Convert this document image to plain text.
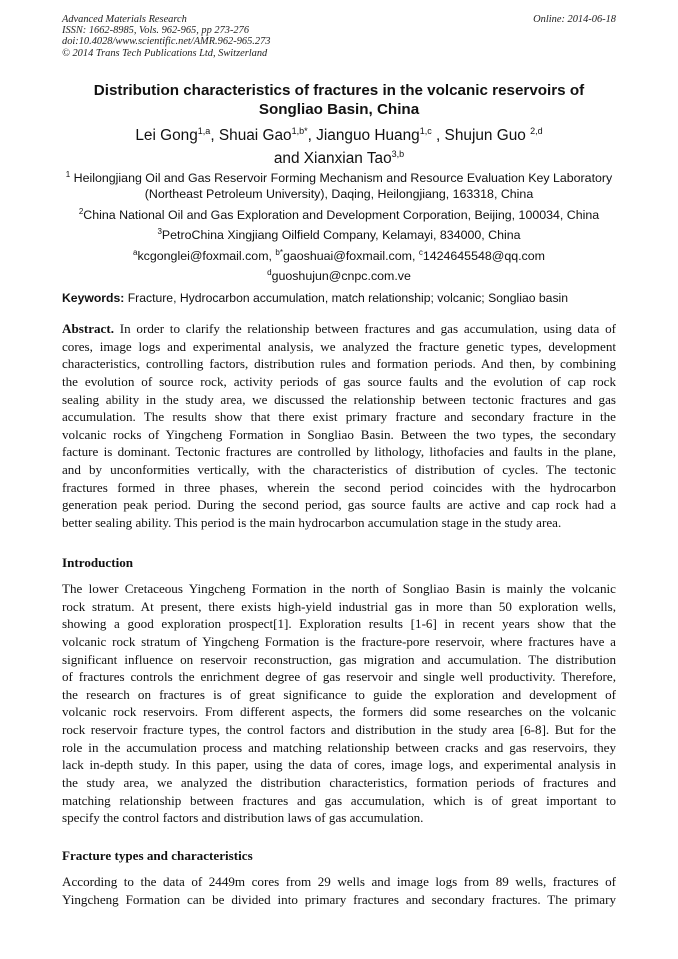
Advanced Materials Research
ISSN: 1662-8985, Vols. 962-965, pp 273-276
doi:10.4028/www.scientific.net/AMR.962-965.273
© 2014 Trans Tech Publications Ltd, Switzerland
Online: 2014-06-18
Distribution characteristics of fractures in the volcanic reservoirs of
Songliao Basin, China
Lei Gong$^{1,a}$, Shuai Gao$^{1,b*}$, Jianguo Huang$^{1,c}$ , Shujun Guo $^{2,d}$
and Xianxian Tao$^{3,b}$
$^1$ Heilongjiang Oil and Gas Reservoir Forming Mechanism and Resource Evaluation Key Laboratory
(Northeast Petroleum University), Daqing, Heilongjiang, 163318, China
$^2$China National Oil and Gas Exploration and Development Corporation, Beijing, 100034, China
$^3$PetroChina Xingjiang Oilfield Company, Kelamayi, 834000, China
$^a$kcgonglei@foxmail.com, $^{b*}$gaoshuai@foxmail.com, $^c$1424645548@qq.com
$^d$guoshujun@cnpc.com.ve
Keywords: Fracture, Hydrocarbon accumulation, match relationship; volcanic; Songliao basin
Abstract. In order to clarify the relationship between fractures and gas accumulation, using data of
cores, image logs and experimental analysis, we analyzed the fracture genetic types, development
characteristics, controlling factors, distribution rules and formation periods. And then, by combining
the evolution of source rock, activity periods of gas source faults and the evolution of cap rock
sealing ability in the study area, we discussed the relationship between tectonic fractures and gas
accumulation. The results show that there exist primary fracture and secondary fracture in the
volcanic rocks of Yingcheng Formation in Songliao Basin. Between the two types, the secondary
facture is dominant. Tectonic fractures are controlled by lithology, lithofacies and faults in the plane,
and by unconformities vertically, with the characteristics of distribution of cycles. The tectonic
fractures formed in three phases, wherein the second period coincides with the hydrocarbon
generation peak period. During the second period, gas source faults are active and cap rock had a
better sealing ability. This period is the main hydrocarbon accumulation stage in the study area.
Introduction
The lower Cretaceous Yingcheng Formation in the north of Songliao Basin is mainly the volcanic
rock stratum. At present, there exists high-yield industrial gas in more than 50 exploration wells,
showing a good exploration prospect[1]. Exploration results [1-6] in recent years show that the
volcanic rock stratum of Yingcheng Formation is the fracture-pore reservoir, where fractures have a
significant influence on reservoir reconstruction, gas migration and accumulation. The distribution
of fractures controls the enrichment degree of gas reservoir and single well productivity. Therefore,
the research on fractures is of great significance to guide the exploration and development of
volcanic rock reservoirs. From different aspects, the formers did some researches on the volcanic
rock reservoir fracture types, the control factors and distribution in the study area [6-8]. But for the
role in the accumulation process and matching relationship between cracks and gas reservoirs, they
lack in-depth study. In this paper, using the data of cores, image logs, and experimental analysis in
the study area, we analyzed the distribution characteristics, formation periods of fractures and
matching relationship between fractures and gas accumulation, which is of great important to
specify the control factors and distribution laws of gas accumulation.
Fracture types and characteristics
According to the data of 2449m cores from 29 wells and image logs from 89 wells, fractures of
Yingcheng Formation can be divided into primary fractures and secondary fractures. The primary
